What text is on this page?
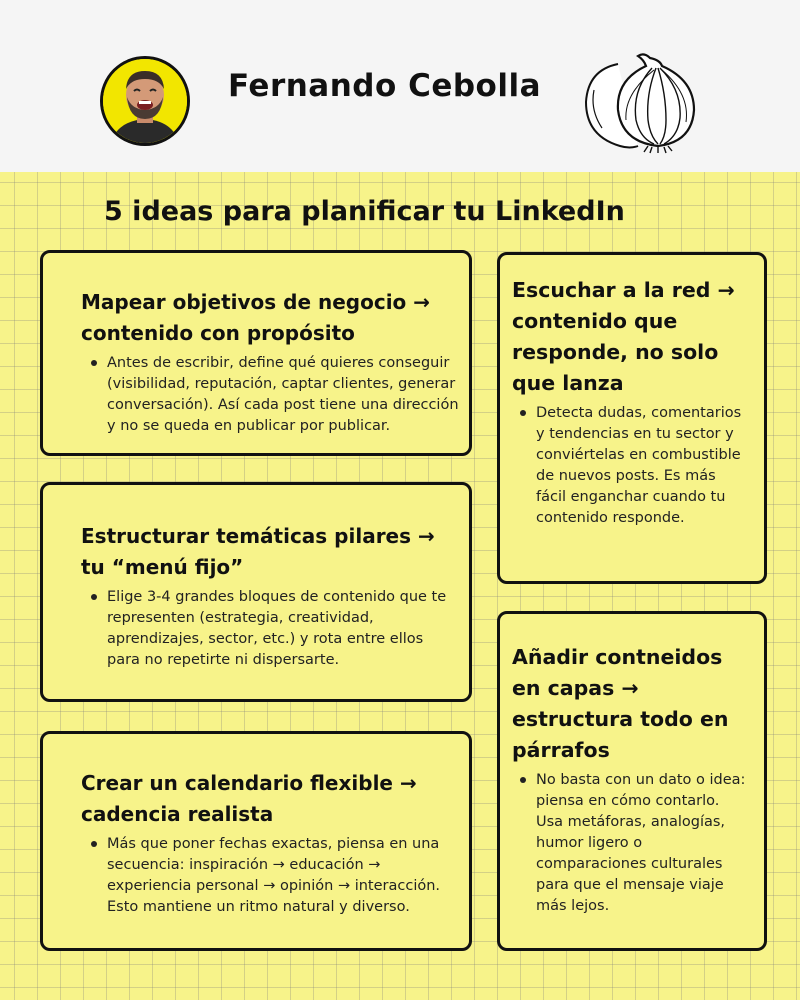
Fernando Cebolla
5 ideas para planificar tu LinkedIn
Mapear objetivos de negocio → contenido con propósito
Antes de escribir, define qué quieres conseguir (visibilidad, reputación, captar clientes, generar conversación). Así cada post tiene una dirección y no se queda en publicar por publicar.
Estructurar temáticas pilares → tu “menú fijo”
Elige 3-4 grandes bloques de contenido que te representen (estrategia, creatividad, aprendizajes, sector, etc.) y rota entre ellos para no repetirte ni dispersarte.
Crear un calendario flexible → cadencia realista
Más que poner fechas exactas, piensa en una secuencia: inspiración → educación → experiencia personal → opinión → interacción. Esto mantiene un ritmo natural y diverso.
Escuchar a la red → contenido que responde, no solo que lanza
Detecta dudas, comentarios y tendencias en tu sector y conviértelas en combustible de nuevos posts. Es más fácil enganchar cuando tu contenido responde.
Añadir contneidos en capas → estructura todo en párrafos
No basta con un dato o idea: piensa en cómo contarlo. Usa metáforas, analogías, humor ligero o comparaciones culturales para que el mensaje viaje más lejos.
